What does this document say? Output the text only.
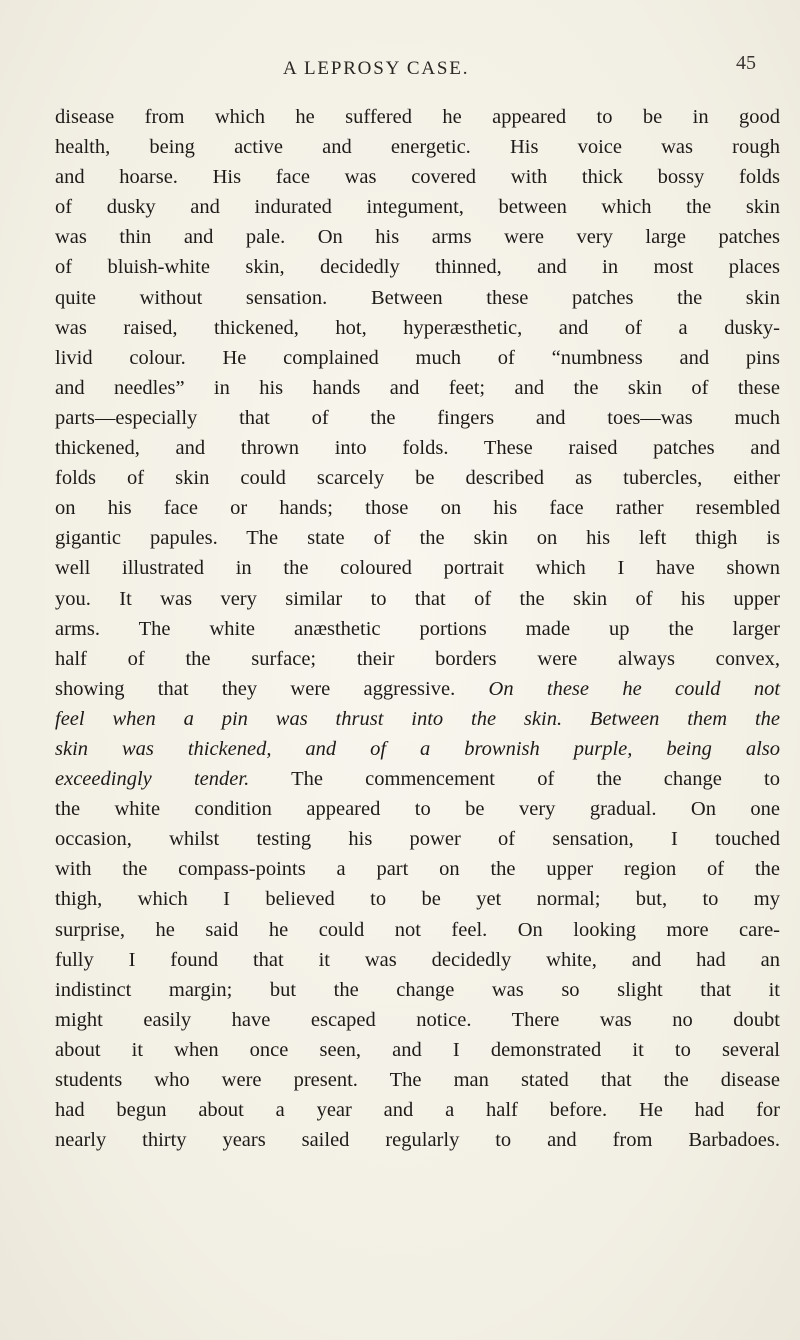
A LEPROSY CASE.	45
disease from which he suffered he appeared to be in good
health, being active and energetic. His voice was rough
and hoarse. His face was covered with thick bossy folds
of dusky and indurated integument, between which the skin
was thin and pale. On his arms were very large patches
of bluish-white skin, decidedly thinned, and in most places
quite without sensation. Between these patches the skin
was raised, thickened, hot, hyperæsthetic, and of a dusky-
livid colour. He complained much of “numbness and pins
and needles” in his hands and feet; and the skin of these
parts—especially that of the fingers and toes—was much
thickened, and thrown into folds. These raised patches and
folds of skin could scarcely be described as tubercles, either
on his face or hands; those on his face rather resembled
gigantic papules. The state of the skin on his left thigh is
well illustrated in the coloured portrait which I have shown
you. It was very similar to that of the skin of his upper
arms. The white anæsthetic portions made up the larger
half of the surface; their borders were always convex,
showing that they were aggressive. On these he could not
feel when a pin was thrust into the skin. Between them the
skin was thickened, and of a brownish purple, being also
exceedingly tender. The commencement of the change to
the white condition appeared to be very gradual. On one
occasion, whilst testing his power of sensation, I touched
with the compass-points a part on the upper region of the
thigh, which I believed to be yet normal; but, to my
surprise, he said he could not feel. On looking more care-
fully I found that it was decidedly white, and had an
indistinct margin; but the change was so slight that it
might easily have escaped notice. There was no doubt
about it when once seen, and I demonstrated it to several
students who were present. The man stated that the disease
had begun about a year and a half before. He had for
nearly thirty years sailed regularly to and from Barbadoes.
